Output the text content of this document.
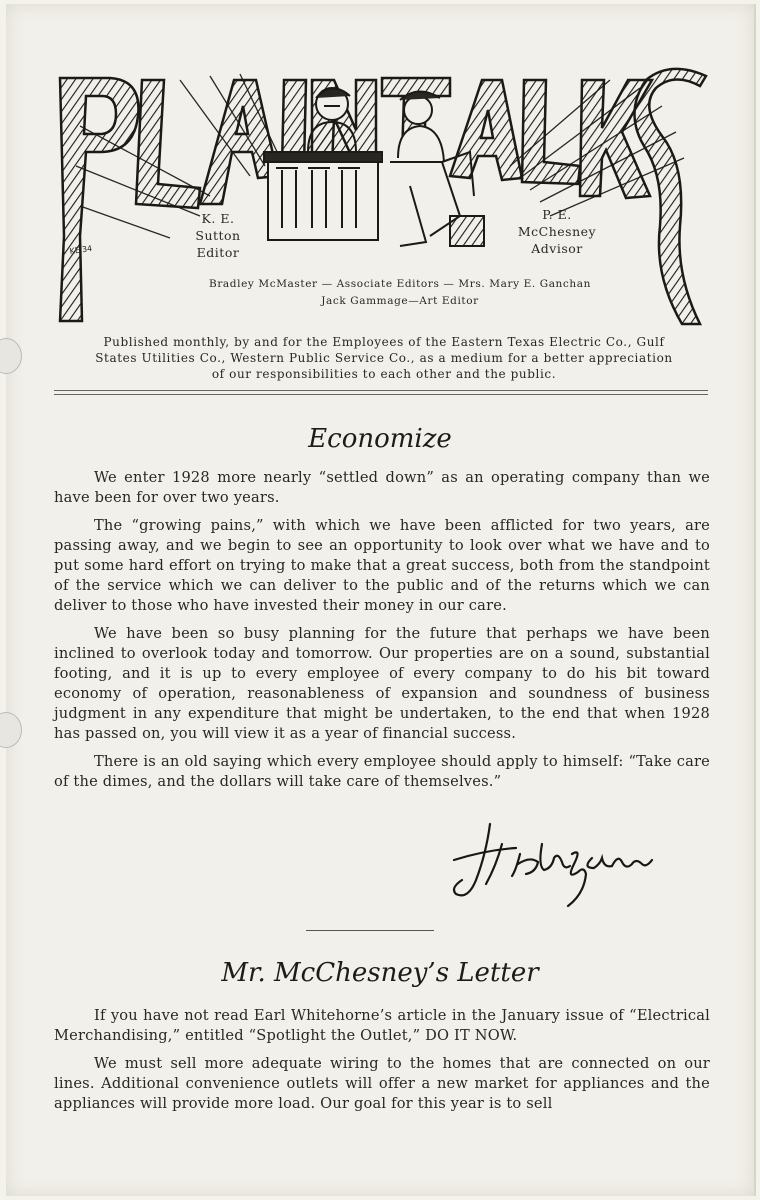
KE'34
K. E.
Sutton
Editor
P. E.
McChesney
Advisor
Bradley McMaster — Associate Editors — Mrs. Mary E. Ganchan
Jack Gammage—Art Editor
Published monthly, by and for the Employees of the Eastern Texas Electric Co., Gulf
States Utilities Co., Western Public Service Co., as a medium for a better appreciation
of our responsibilities to each other and the public.
Economize

We enter 1928 more nearly “settled down” as an operating company than we have been for over two years.

The “growing pains,” with which we have been afflicted for two years, are passing away, and we begin to see an opportunity to look over what we have and to put some hard effort on trying to make that a great success, both from the standpoint of the service which we can deliver to the public and of the returns which we can deliver to those who have invested their money in our care.

We have been so busy planning for the future that perhaps we have been inclined to overlook today and tomorrow. Our properties are on a sound, substantial footing, and it is up to every employee of every company to do his bit toward economy of operation, reasonableness of expansion and soundness of business judgment in any expenditure that might be undertaken, to the end that when 1928 has passed on, you will view it as a year of financial success.

There is an old saying which every employee should apply to himself: “Take care of the dimes, and the dollars will take care of themselves.”

Mr. McChesney’s Letter

If you have not read Earl Whitehorne’s article in the January issue of “Electrical Merchandising,” entitled “Spotlight the Outlet,” DO IT NOW.

We must sell more adequate wiring to the homes that are connected on our lines. Additional convenience outlets will offer a new market for appliances and the appliances will provide more load. Our goal for this year is to sell
